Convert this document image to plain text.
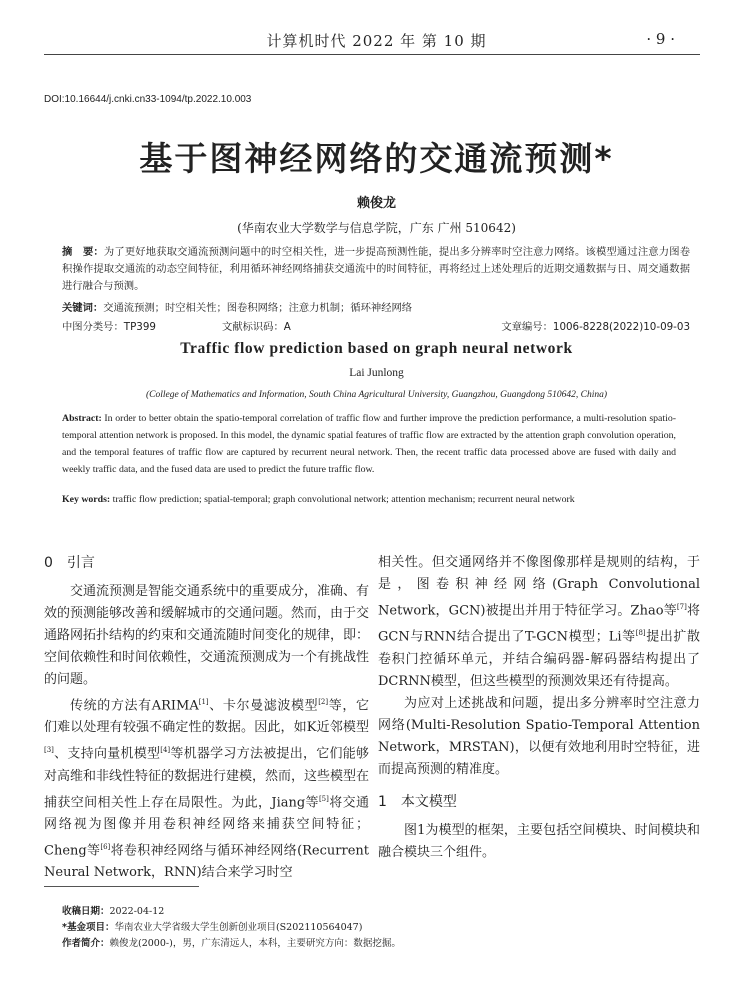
计算机时代 2022 年 第 10 期	· 9 ·
DOI:10.16644/j.cnki.cn33-1094/tp.2022.10.003
基于图神经网络的交通流预测*
赖俊龙
(华南农业大学数学与信息学院，广东 广州 510642)
摘　要：为了更好地获取交通流预测问题中的时空相关性，进一步提高预测性能，提出多分辨率时空注意力网络。该模型通过注意力图卷积操作提取交通流的动态空间特征，利用循环神经网络捕获交通流中的时间特征，再将经过上述处理后的近期交通数据与日、周交通数据进行融合与预测。
关键词：交通流预测；时空相关性；图卷积网络；注意力机制；循环神经网络
中图分类号：TP399	文献标识码：A	文章编号：1006-8228(2022)10-09-03
Traffic flow prediction based on graph neural network
Lai Junlong
(College of Mathematics and Information, South China Agricultural University, Guangzhou, Guangdong 510642, China)
Abstract: In order to better obtain the spatio-temporal correlation of traffic flow and further improve the prediction performance, a multi-resolution spatio-temporal attention network is proposed. In this model, the dynamic spatial features of traffic flow are extracted by the attention graph convolution operation, and the temporal features of traffic flow are captured by recurrent neural network. Then, the recent traffic data processed above are fused with daily and weekly traffic data, and the fused data are used to predict the future traffic flow.
Key words: traffic flow prediction; spatial-temporal; graph convolutional network; attention mechanism; recurrent neural network
0　引言

交通流预测是智能交通系统中的重要成分，准确、有效的预测能够改善和缓解城市的交通问题。然而，由于交通路网拓扑结构的约束和交通流随时间变化的规律，即：空间依赖性和时间依赖性，交通流预测成为一个有挑战性的问题。

传统的方法有ARIMA[1]、卡尔曼滤波模型[2]等，它们难以处理有较强不确定性的数据。因此，如K近邻模型[3]、支持向量机模型[4]等机器学习方法被提出，它们能够对高维和非线性特征的数据进行建模，然而，这些模型在捕获空间相关性上存在局限性。为此，Jiang等[5]将交通网络视为图像并用卷积神经网络来捕获空间特征；Cheng等[6]将卷积神经网络与循环神经网络(Recurrent Neural Network，RNN)结合来学习时空

相关性。但交通网络并不像图像那样是规则的结构，于是，图卷积神经网络(Graph Convolutional Network，GCN)被提出并用于特征学习。Zhao等[7]将GCN与RNN结合提出了T-GCN模型；Li等[8]提出扩散卷积门控循环单元，并结合编码器-解码器结构提出了DCRNN模型，但这些模型的预测效果还有待提高。

为应对上述挑战和问题，提出多分辨率时空注意力网络(Multi-Resolution Spatio-Temporal Attention Network，MRSTAN)，以便有效地利用时空特征，进而提高预测的精准度。

1　本文模型

图1为模型的框架，主要包括空间模块、时间模块和融合模块三个组件。

收稿日期：2022-04-12
*基金项目：华南农业大学省级大学生创新创业项目(S202110564047)
作者简介：赖俊龙(2000-)，男，广东清远人，本科，主要研究方向：数据挖掘。
